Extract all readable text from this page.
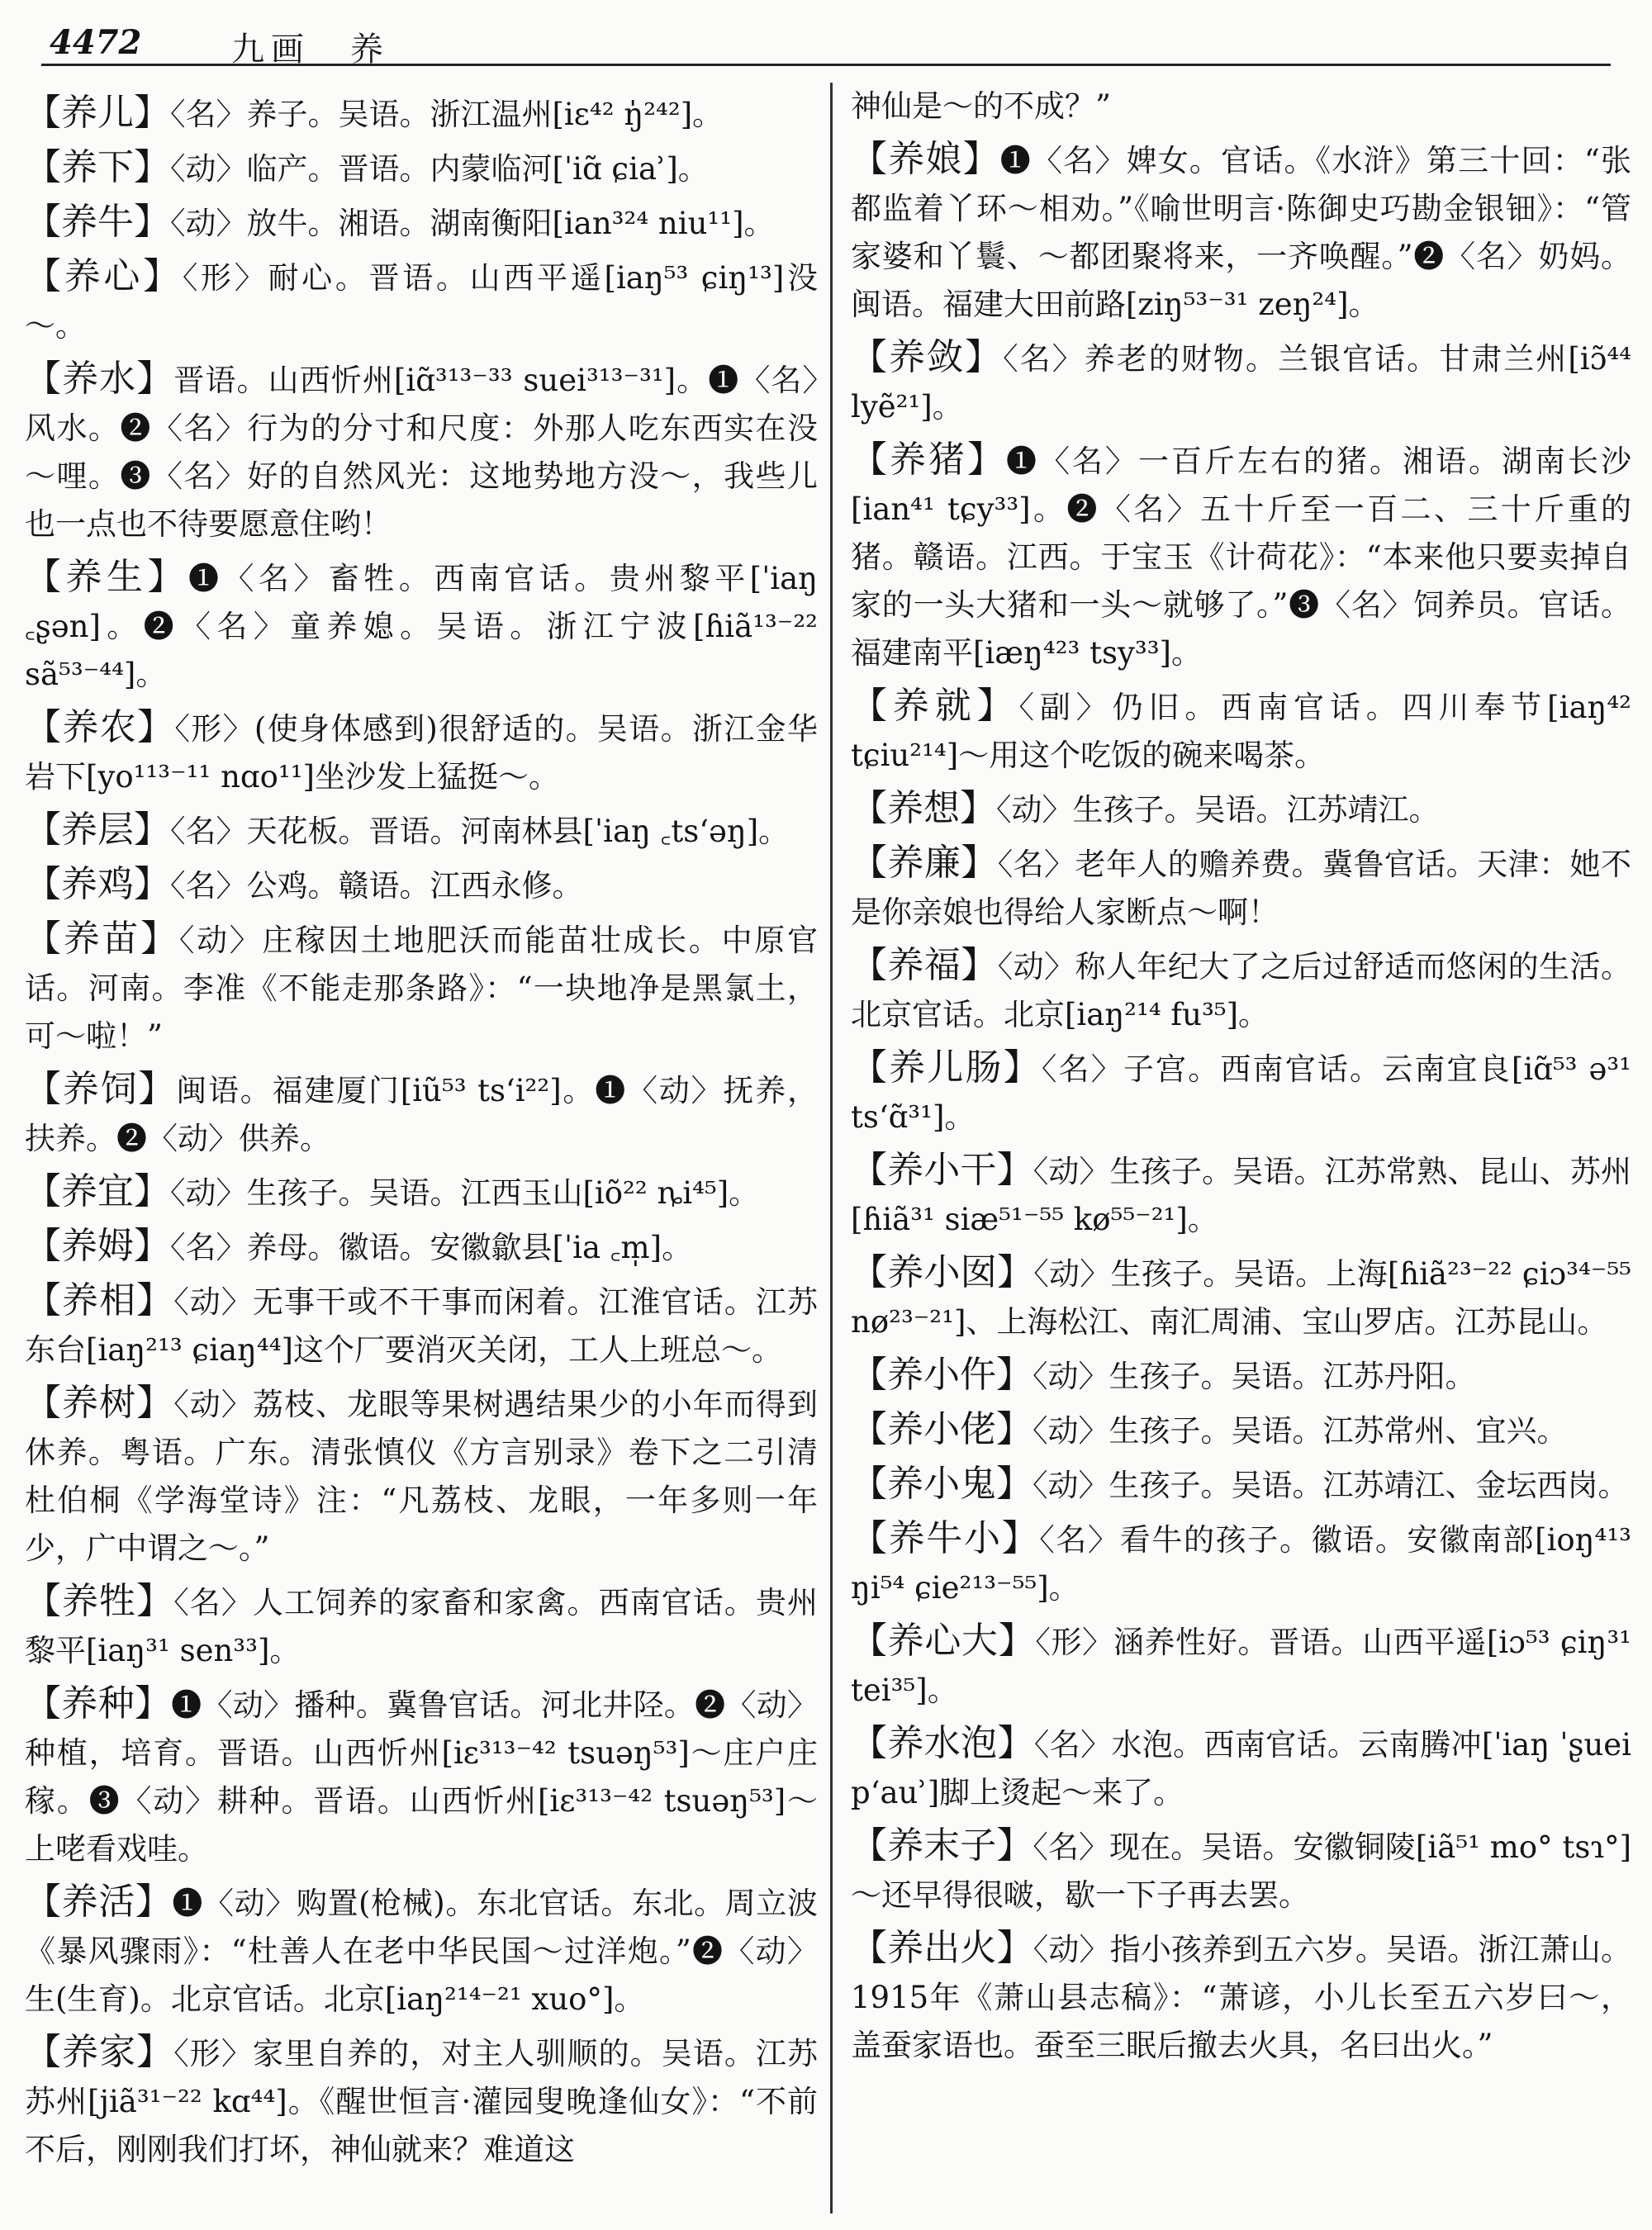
4472	九画　养
【养儿】〈名〉养子。吴语。浙江温州[iɛ⁴² ŋ̍²⁴²]。
【养下】〈动〉临产。晋语。内蒙临河[ˈiɑ̃ ɕiaʾ]。
【养牛】〈动〉放牛。湘语。湖南衡阳[ian³²⁴ niu¹¹]。
【养心】〈形〉耐心。晋语。山西平遥[iaŋ⁵³ ɕiŋ¹³]没～。
【养水】晋语。山西忻州[iɑ̃³¹³⁻³³ suei³¹³⁻³¹]。❶〈名〉风水。❷〈名〉行为的分寸和尺度：外那人吃东西实在没～哩。❸〈名〉好的自然风光：这地势地方没～，我些儿也一点也不待要愿意住哟！
【养生】❶〈名〉畜牲。西南官话。贵州黎平[ˈiaŋ ꜀ʂən]。❷〈名〉童养媳。吴语。浙江宁波[ɦiã¹³⁻²² sã⁵³⁻⁴⁴]。
【养农】〈形〉(使身体感到)很舒适的。吴语。浙江金华岩下[yo¹¹³⁻¹¹ nɑo¹¹]坐沙发上猛挺～。
【养层】〈名〉天花板。晋语。河南林县[ˈiaŋ ꜀tsʻəŋ]。
【养鸡】〈名〉公鸡。赣语。江西永修。
【养苗】〈动〉庄稼因土地肥沃而能苗壮成长。中原官话。河南。李准《不能走那条路》：“一块地净是黑氯土，可～啦！”
【养饲】闽语。福建厦门[iũ⁵³ tsʻi²²]。❶〈动〉抚养，扶养。❷〈动〉供养。
【养宜】〈动〉生孩子。吴语。江西玉山[iõ²² ȵi⁴⁵]。
【养姆】〈名〉养母。徽语。安徽歙县[ˈia ꜀m̩]。
【养相】〈动〉无事干或不干事而闲着。江淮官话。江苏东台[iaŋ²¹³ ɕiaŋ⁴⁴]这个厂要消灭关闭，工人上班总～。
【养树】〈动〉荔枝、龙眼等果树遇结果少的小年而得到休养。粤语。广东。清张慎仪《方言别录》卷下之二引清杜伯桐《学海堂诗》注：“凡荔枝、龙眼，一年多则一年少，广中谓之～。”
【养牲】〈名〉人工饲养的家畜和家禽。西南官话。贵州黎平[iaŋ³¹ sen³³]。
【养种】❶〈动〉播种。冀鲁官话。河北井陉。❷〈动〉种植，培育。晋语。山西忻州[iɛ³¹³⁻⁴² tsuəŋ⁵³]～庄户庄稼。❸〈动〉耕种。晋语。山西忻州[iɛ³¹³⁻⁴² tsuəŋ⁵³]～上咾看戏哇。
【养活】❶〈动〉购置(枪械)。东北官话。东北。周立波《暴风骤雨》：“杜善人在老中华民国～过洋炮。”❷〈动〉生(生育)。北京官话。北京[iaŋ²¹⁴⁻²¹ xuo°]。
【养家】〈形〉家里自养的，对主人驯顺的。吴语。江苏苏州[jiã³¹⁻²² kɑ⁴⁴]。《醒世恒言·灌园叟晚逢仙女》：“不前不后，刚刚我们打坏，神仙就来？难道这
神仙是～的不成？”
【养娘】❶〈名〉婢女。官话。《水浒》第三十回：“张都监着丫环～相劝。”《喻世明言·陈御史巧勘金银钿》：“管家婆和丫鬟、～都团聚将来，一齐唤醒。”❷〈名〉奶妈。闽语。福建大田前路[ziŋ⁵³⁻³¹ zeŋ²⁴]。
【养敛】〈名〉养老的财物。兰银官话。甘肃兰州[iɔ̃⁴⁴ lyẽ²¹]。
【养猪】❶〈名〉一百斤左右的猪。湘语。湖南长沙[ian⁴¹ tɕy³³]。❷〈名〉五十斤至一百二、三十斤重的猪。赣语。江西。于宝玉《计荷花》：“本来他只要卖掉自家的一头大猪和一头～就够了。”❸〈名〉饲养员。官话。福建南平[iæŋ⁴²³ tsy³³]。
【养就】〈副〉仍旧。西南官话。四川奉节[iaŋ⁴² tɕiu²¹⁴]～用这个吃饭的碗来喝茶。
【养想】〈动〉生孩子。吴语。江苏靖江。
【养廉】〈名〉老年人的赡养费。冀鲁官话。天津：她不是你亲娘也得给人家断点～啊！
【养福】〈动〉称人年纪大了之后过舒适而悠闲的生活。北京官话。北京[iaŋ²¹⁴ fu³⁵]。
【养儿肠】〈名〉子宫。西南官话。云南宜良[iɑ̃⁵³ ə³¹ tsʻɑ̃³¹]。
【养小干】〈动〉生孩子。吴语。江苏常熟、昆山、苏州[ɦiã³¹ siæ⁵¹⁻⁵⁵ kø⁵⁵⁻²¹]。
【养小囡】〈动〉生孩子。吴语。上海[ɦiã²³⁻²² ɕiɔ³⁴⁻⁵⁵ nø²³⁻²¹]、上海松江、南汇周浦、宝山罗店。江苏昆山。
【养小仵】〈动〉生孩子。吴语。江苏丹阳。
【养小佬】〈动〉生孩子。吴语。江苏常州、宜兴。
【养小鬼】〈动〉生孩子。吴语。江苏靖江、金坛西岗。
【养牛小】〈名〉看牛的孩子。徽语。安徽南部[ioŋ⁴¹³ ŋi⁵⁴ ɕie²¹³⁻⁵⁵]。
【养心大】〈形〉涵养性好。晋语。山西平遥[iɔ⁵³ ɕiŋ³¹ tei³⁵]。
【养水泡】〈名〉水泡。西南官话。云南腾冲[ˈiaŋ ˈʂuei pʻauʾ]脚上烫起～来了。
【养末子】〈名〉现在。吴语。安徽铜陵[iã⁵¹ mo° tsɿ°]～还早得很啵，歇一下子再去罢。
【养出火】〈动〉指小孩养到五六岁。吴语。浙江萧山。1915年《萧山县志稿》：“萧谚，小儿长至五六岁曰～，盖蚕家语也。蚕至三眠后撤去火具，名曰出火。”
